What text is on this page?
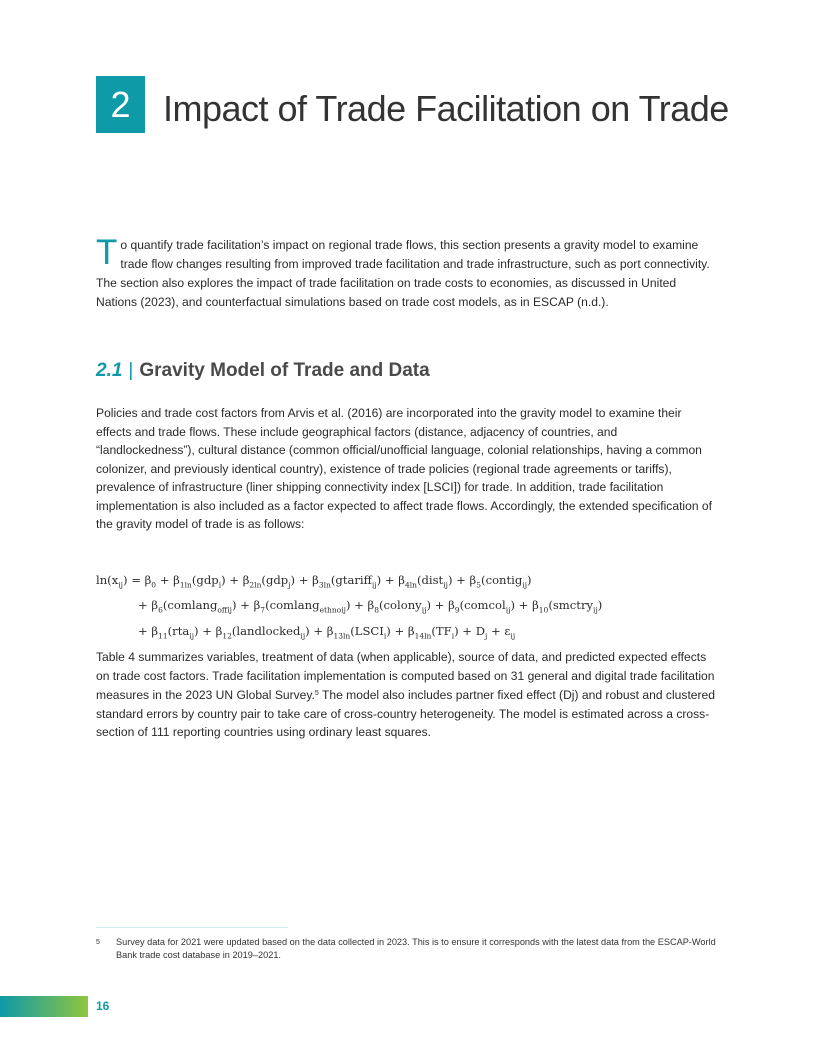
2 Impact of Trade Facilitation on Trade

To quantify trade facilitation’s impact on regional trade flows, this section presents a gravity model to examine trade flow changes resulting from improved trade facilitation and trade infrastructure, such as port connectivity. The section also explores the impact of trade facilitation on trade costs to economies, as discussed in United Nations (2023), and counterfactual simulations based on trade cost models, as in ESCAP (n.d.).

2.1 | Gravity Model of Trade and Data

Policies and trade cost factors from Arvis et al. (2016) are incorporated into the gravity model to examine their effects and trade flows. These include geographical factors (distance, adjacency of countries, and “landlockedness”), cultural distance (common official/unofficial language, colonial relationships, having a common colonizer, and previously identical country), existence of trade policies (regional trade agreements or tariffs), prevalence of infrastructure (liner shipping connectivity index [LSCI]) for trade. In addition, trade facilitation implementation is also included as a factor expected to affect trade flows. Accordingly, the extended specification of the gravity model of trade is as follows:

$\ln(x_{ij}) = \beta_0 + \beta_{1ln}(gdp_i) + \beta_{2ln}(gdp_j)$ + $\beta_{3ln}(gtariff_{ij})$ + $\beta_{4ln}(dist_{ij})$ + $\beta_5(contig_{ij})$
+ $\beta_6(comlang_{offij})$ + $\beta_7(comlang_{ethnoij})$ + $\beta_8(colony_{ij})$ + $\beta_9(comcol_{ij})$ + $\beta_{10}(smctry_{ij})$
+ $\beta_{11}(rta_{ij})$ + $\beta_{12}(landlocked_{ij})$ + $\beta_{13ln}(LSCI_i) + \beta_{14ln}(TF_i) + D_j + \varepsilon_{ij}$

Table 4 summarizes variables, treatment of data (when applicable), source of data, and predicted expected effects on trade cost factors. Trade facilitation implementation is computed based on 31 general and digital trade facilitation measures in the 2023 UN Global Survey.$^5$ The model also includes partner fixed effect (Dj) and robust and clustered standard errors by country pair to take care of cross-country heterogeneity. The model is estimated across a cross-section of 111 reporting countries using ordinary least squares.

5	Survey data for 2021 were updated based on the data collected in 2023. This is to ensure it corresponds with the latest data from the ESCAP-World Bank trade cost database in 2019–2021.
16
